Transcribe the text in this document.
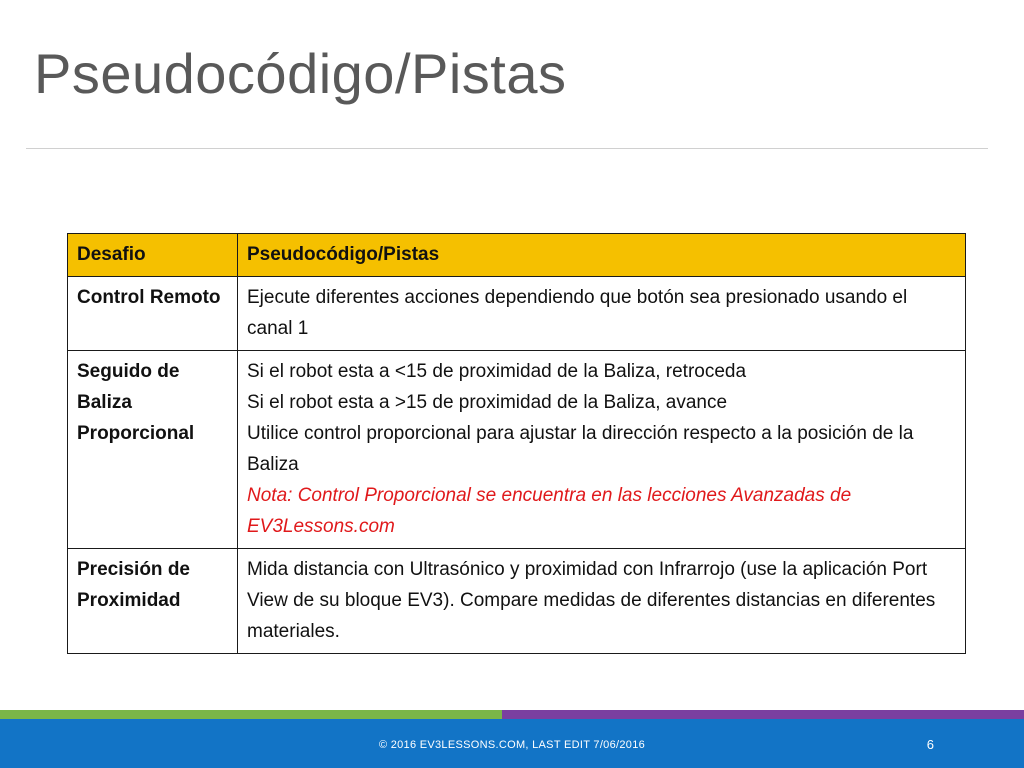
Pseudocódigo/Pistas
Desafio	Pseudocódigo/Pistas
Control Remoto	Ejecute diferentes acciones dependiendo que botón sea presionado usando el canal 1

Seguido de Baliza Proporcional	Si el robot esta a <15 de proximidad de la Baliza, retroceda
Si el robot esta a >15 de proximidad de la Baliza, avance
Utilice control proporcional para ajustar la dirección respecto a la posición de la Baliza
Nota: Control Proporcional se encuentra en las lecciones Avanzadas de EV3Lessons.com

Precisión de Proximidad	Mida distancia con Ultrasónico y proximidad con Infrarrojo (use la aplicación Port View de su bloque EV3). Compare medidas de diferentes distancias en diferentes materiales.
© 2016 EV3LESSONS.COM, LAST EDIT 7/06/2016	6
